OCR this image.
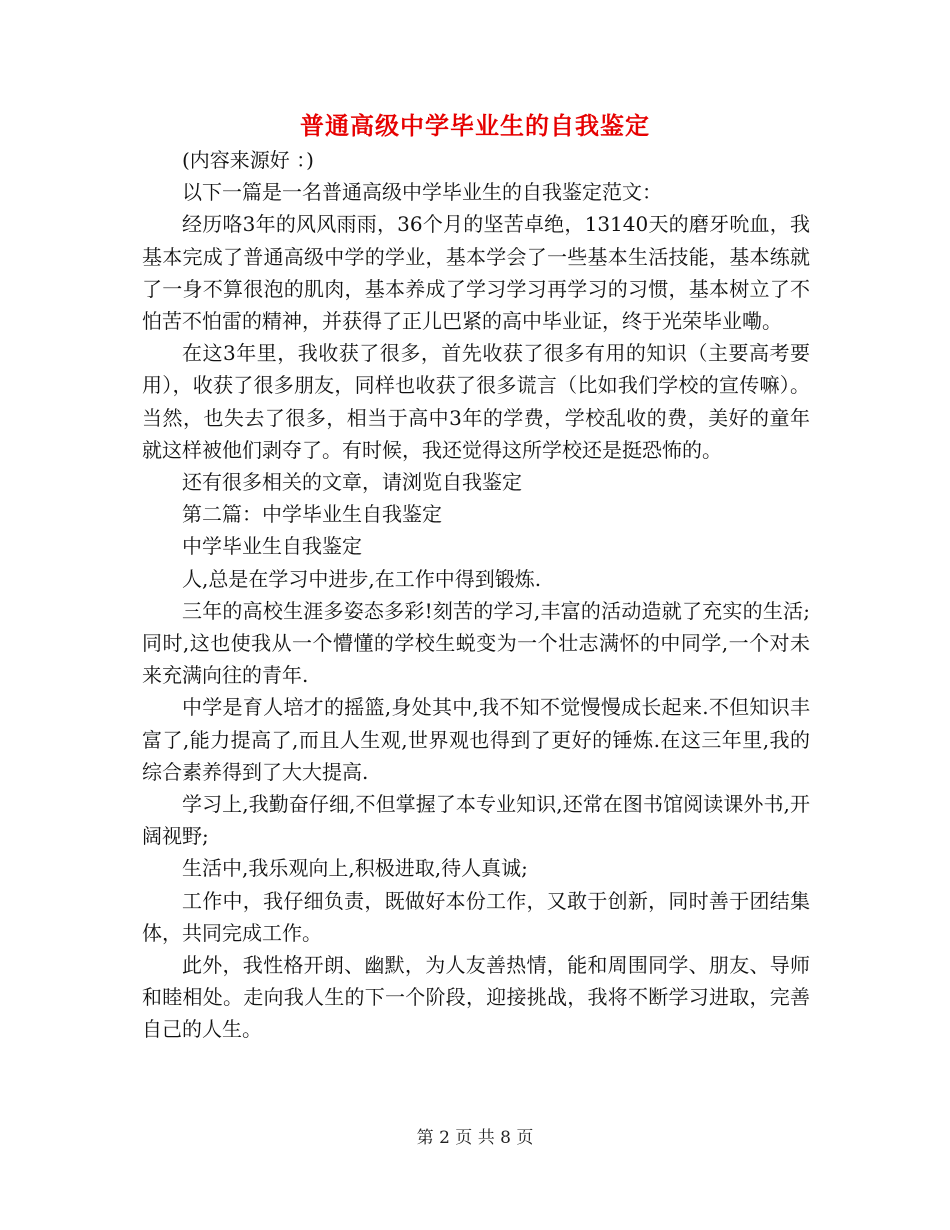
普通高级中学毕业生的自我鉴定

(内容来源好 ：)

以下一篇是一名普通高级中学毕业生的自我鉴定范文：

经历咯3年的风风雨雨，36个月的坚苦卓绝，13140天的磨牙吮血，我基本完成了普通高级中学的学业，基本学会了一些基本生活技能，基本练就了一身不算很泡的肌肉，基本养成了学习学习再学习的习惯，基本树立了不怕苦不怕雷的精神，并获得了正儿巴紧的高中毕业证，终于光荣毕业嘞。

在这3年里，我收获了很多，首先收获了很多有用的知识（主要高考要用），收获了很多朋友，同样也收获了很多谎言（比如我们学校的宣传嘛）。当然，也失去了很多，相当于高中3年的学费，学校乱收的费，美好的童年就这样被他们剥夺了。有时候，我还觉得这所学校还是挺恐怖的。

还有很多相关的文章，请浏览自我鉴定

第二篇：中学毕业生自我鉴定

中学毕业生自我鉴定

人,总是在学习中进步,在工作中得到锻炼.

三年的高校生涯多姿态多彩!刻苦的学习,丰富的活动造就了充实的生活;同时,这也使我从一个懵懂的学校生蜕变为一个壮志满怀的中同学,一个对未来充满向往的青年.

中学是育人培才的摇篮,身处其中,我不知不觉慢慢成长起来.不但知识丰富了,能力提高了,而且人生观,世界观也得到了更好的锤炼.在这三年里,我的综合素养得到了大大提高.

学习上,我勤奋仔细,不但掌握了本专业知识,还常在图书馆阅读课外书,开阔视野;

生活中,我乐观向上,积极进取,待人真诚;

工作中，我仔细负责，既做好本份工作，又敢于创新，同时善于团结集体，共同完成工作。

此外，我性格开朗、幽默，为人友善热情，能和周围同学、朋友、导师和睦相处。走向我人生的下一个阶段，迎接挑战，我将不断学习进取，完善自己的人生。

第 2 页 共 8 页
